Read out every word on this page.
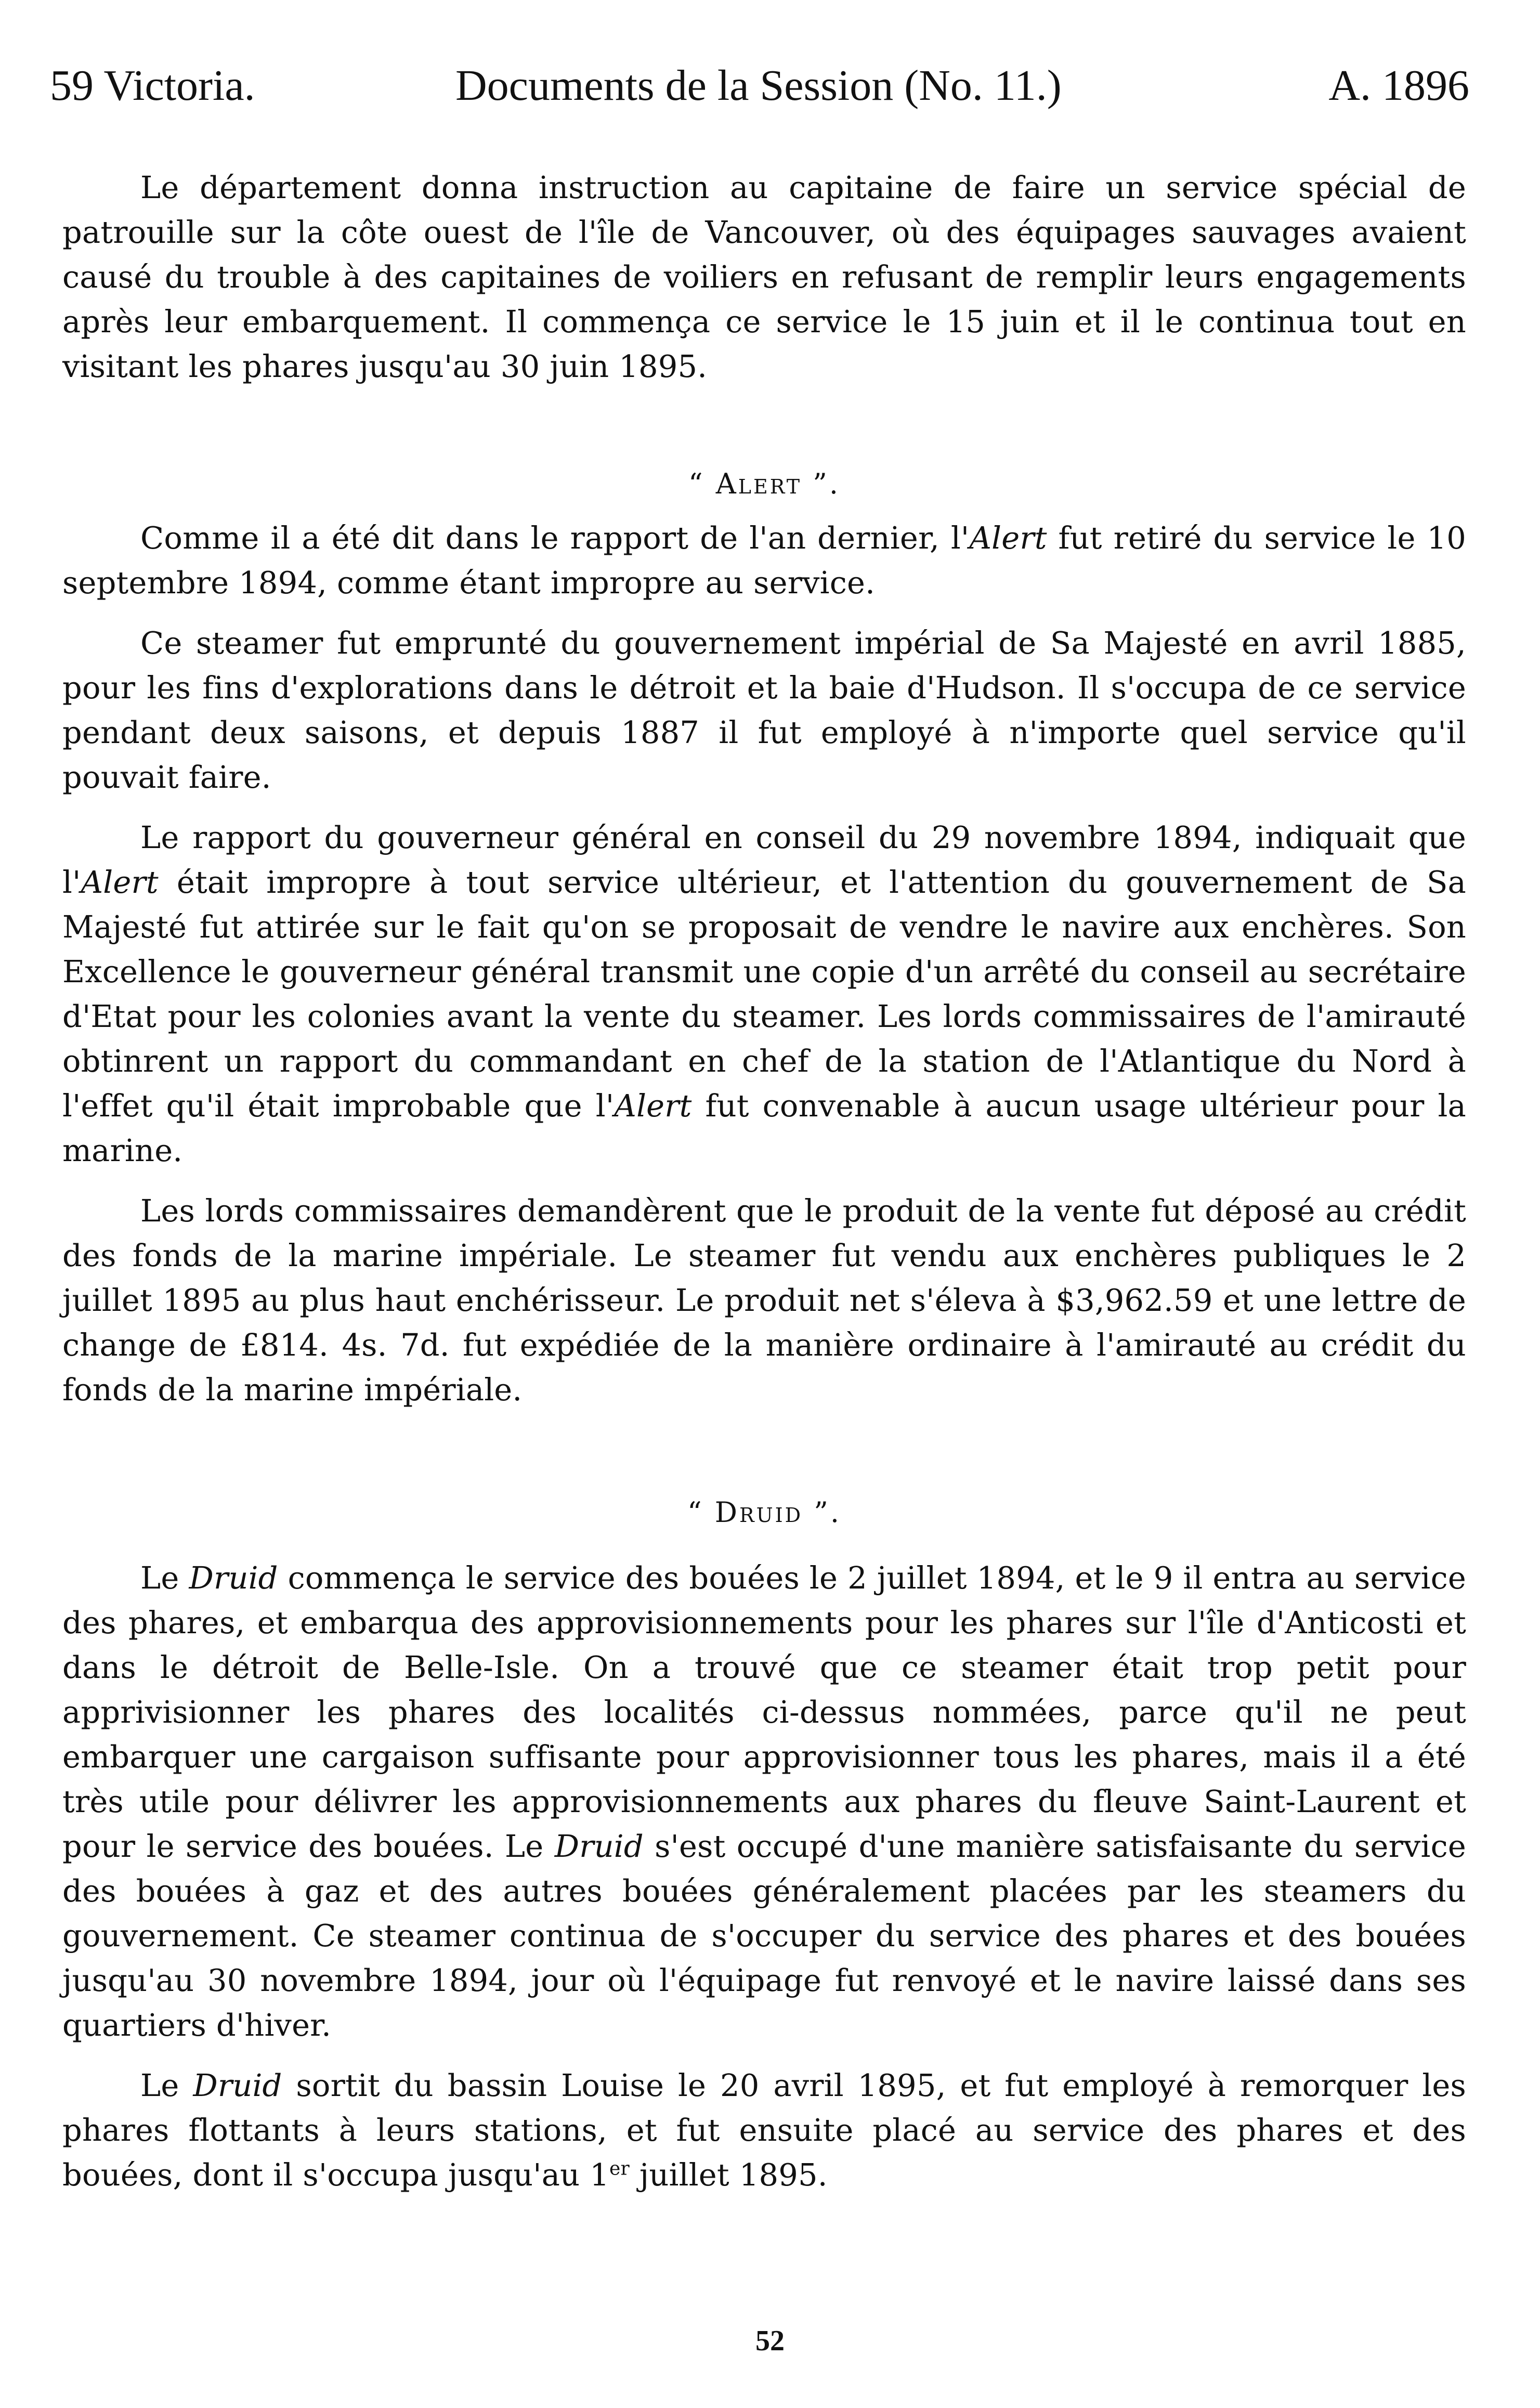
59 Victoria.	Documents de la Session (No. 11.)	A. 1896

Le département donna instruction au capitaine de faire un service spécial de patrouille sur la côte ouest de l'île de Vancouver, où des équipages sauvages avaient causé du trouble à des capitaines de voiliers en refusant de remplir leurs engagements après leur embarquement. Il commença ce service le 15 juin et il le continua tout en visitant les phares jusqu'au 30 juin 1895.

“ Alert ”.

Comme il a été dit dans le rapport de l'an dernier, l'Alert fut retiré du service le 10 septembre 1894, comme étant impropre au service.

Ce steamer fut emprunté du gouvernement impérial de Sa Majesté en avril 1885, pour les fins d'explorations dans le détroit et la baie d'Hudson. Il s'occupa de ce service pendant deux saisons, et depuis 1887 il fut employé à n'importe quel service qu'il pouvait faire.

Le rapport du gouverneur général en conseil du 29 novembre 1894, indiquait que l'Alert était impropre à tout service ultérieur, et l'attention du gouvernement de Sa Majesté fut attirée sur le fait qu'on se proposait de vendre le navire aux enchères. Son Excellence le gouverneur général transmit une copie d'un arrêté du conseil au secrétaire d'Etat pour les colonies avant la vente du steamer. Les lords commissaires de l'amirauté obtinrent un rapport du commandant en chef de la station de l'Atlantique du Nord à l'effet qu'il était improbable que l'Alert fut convenable à aucun usage ultérieur pour la marine.

Les lords commissaires demandèrent que le produit de la vente fut déposé au crédit des fonds de la marine impériale. Le steamer fut vendu aux enchères publiques le 2 juillet 1895 au plus haut enchérisseur. Le produit net s'éleva à $3,962.59 et une lettre de change de £814. 4s. 7d. fut expédiée de la manière ordinaire à l'amirauté au crédit du fonds de la marine impériale.

“ Druid ”.

Le Druid commença le service des bouées le 2 juillet 1894, et le 9 il entra au service des phares, et embarqua des approvisionnements pour les phares sur l'île d'Anticosti et dans le détroit de Belle-Isle. On a trouvé que ce steamer était trop petit pour apprivisionner les phares des localités ci-dessus nommées, parce qu'il ne peut embarquer une cargaison suffisante pour approvisionner tous les phares, mais il a été très utile pour délivrer les approvisionnements aux phares du fleuve Saint-Laurent et pour le service des bouées. Le Druid s'est occupé d'une manière satisfaisante du service des bouées à gaz et des autres bouées généralement placées par les steamers du gouvernement. Ce steamer continua de s'occuper du service des phares et des bouées jusqu'au 30 novembre 1894, jour où l'équipage fut renvoyé et le navire laissé dans ses quartiers d'hiver.

Le Druid sortit du bassin Louise le 20 avril 1895, et fut employé à remorquer les phares flottants à leurs stations, et fut ensuite placé au service des phares et des bouées, dont il s'occupa jusqu'au 1er juillet 1895.

52
